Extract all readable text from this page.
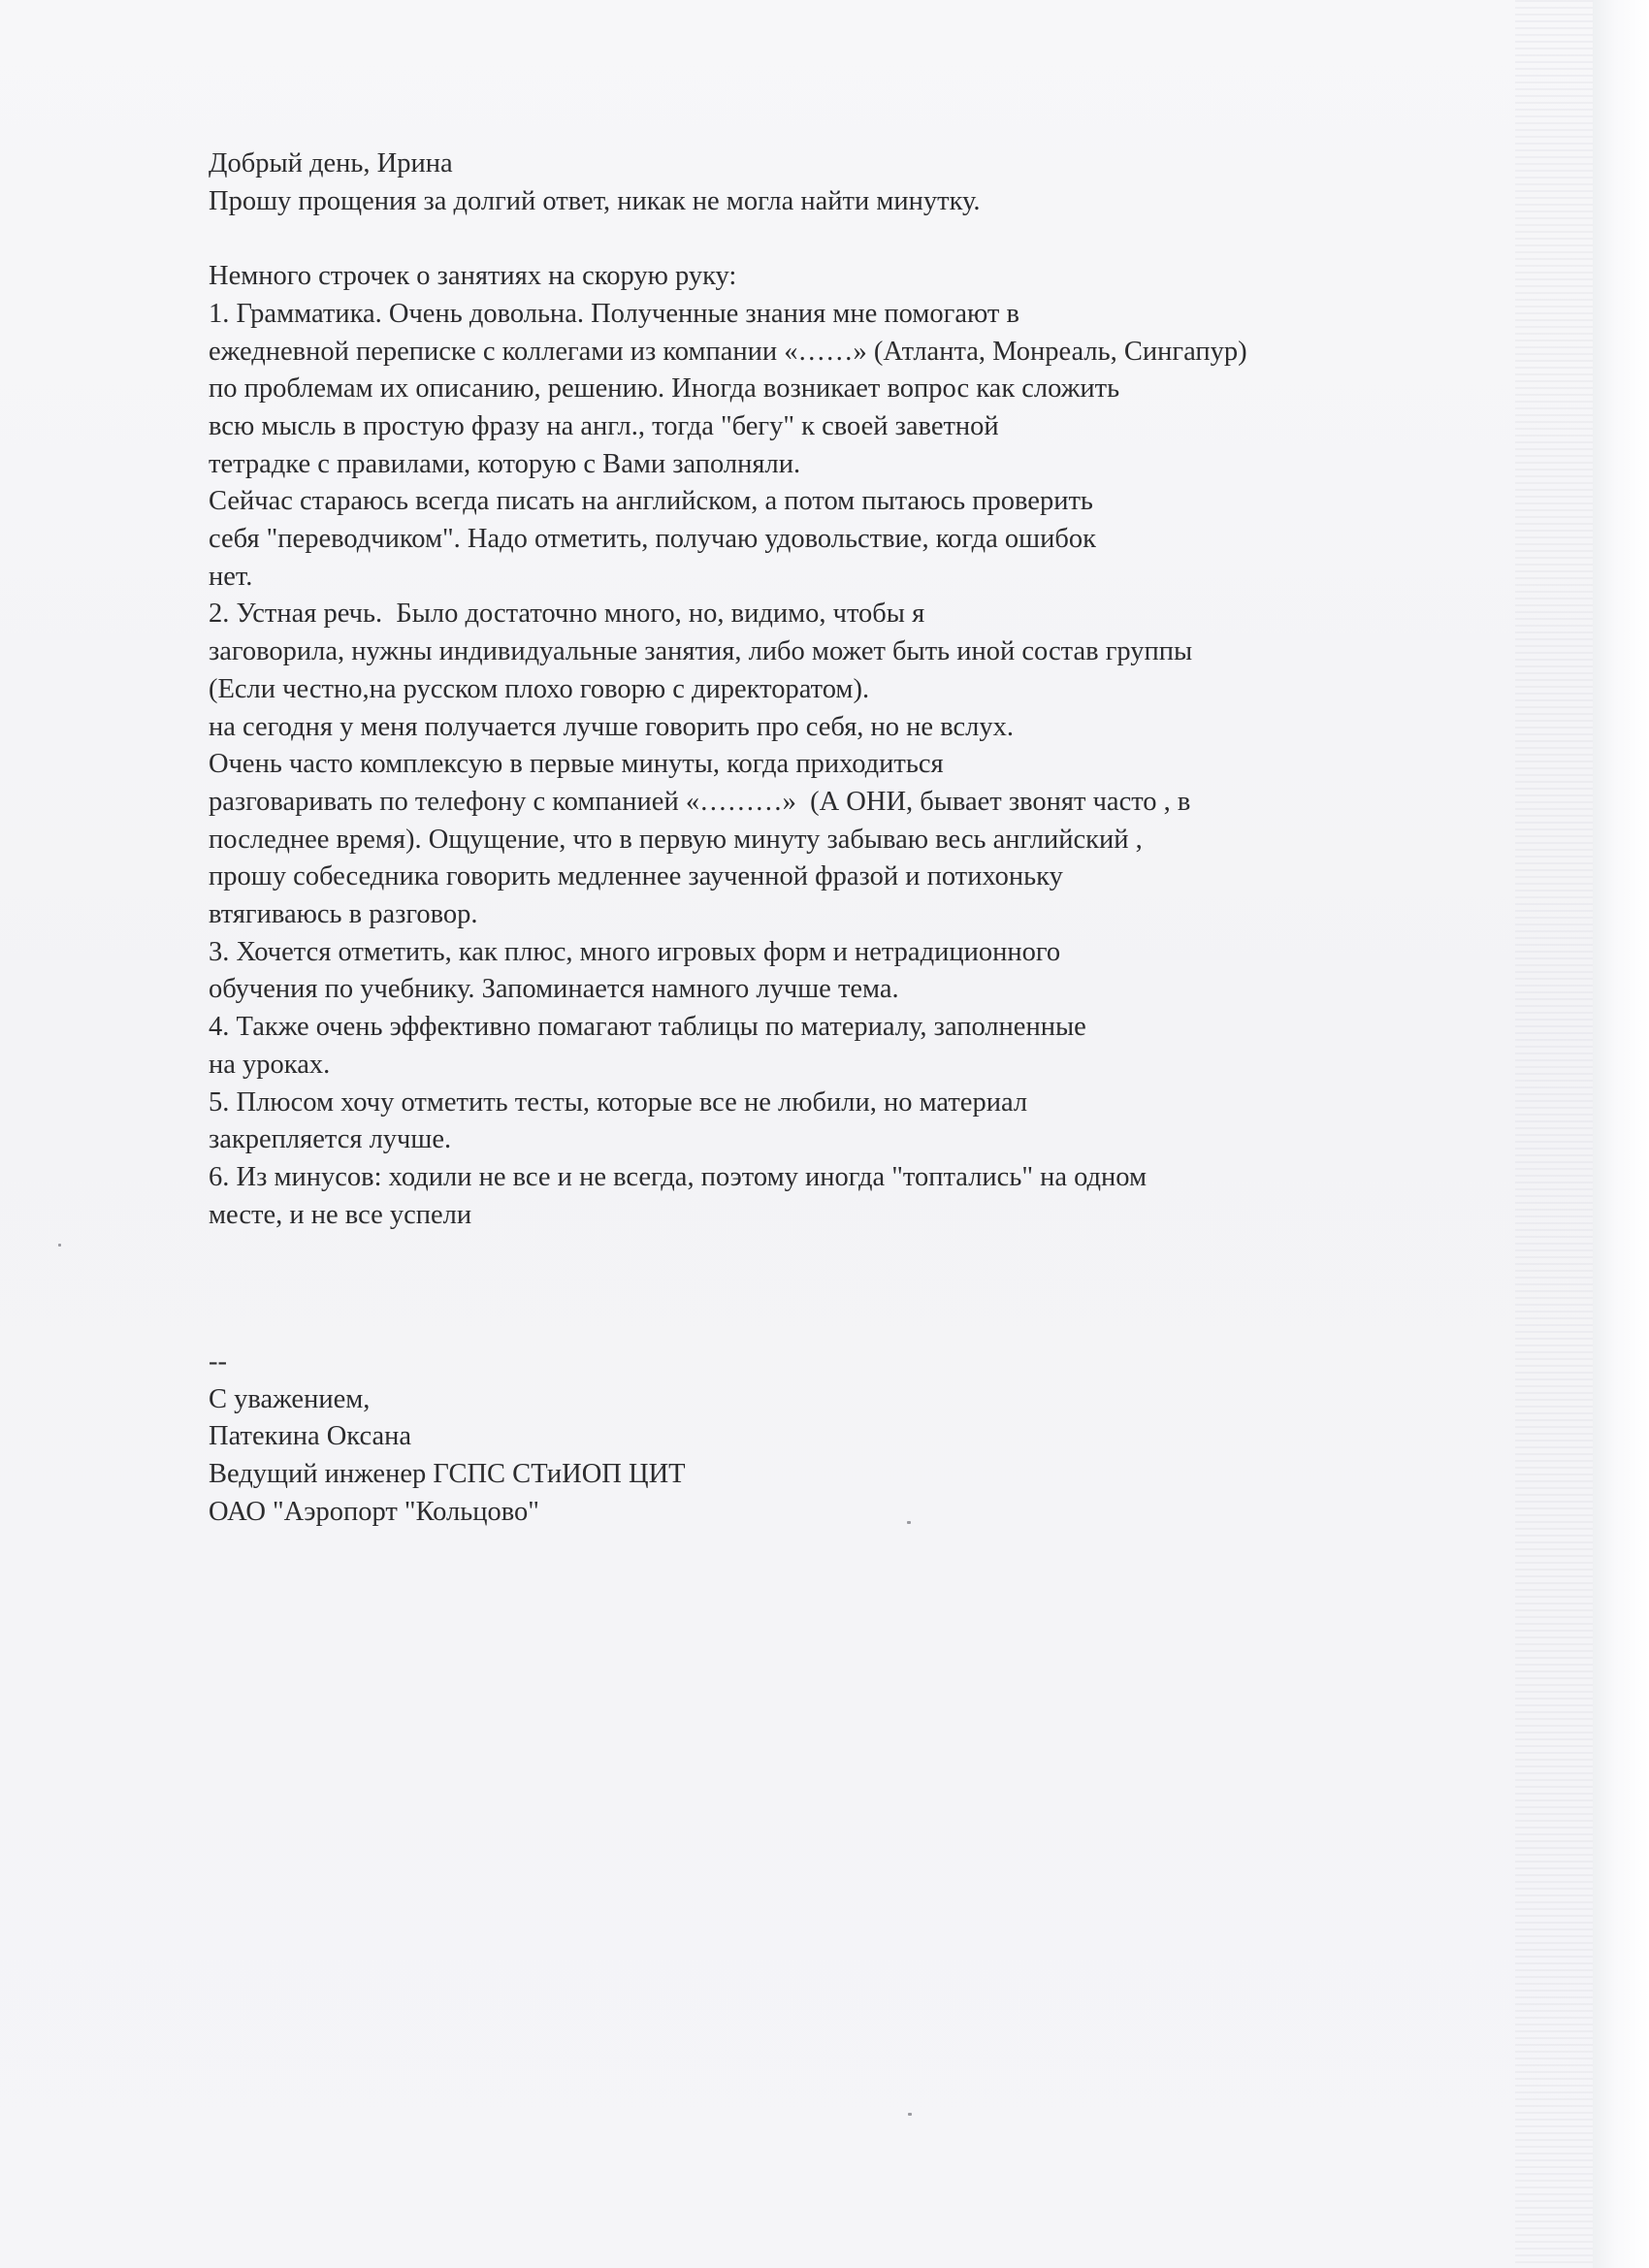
Добрый день, Ирина
Прошу прощения за долгий ответ, никак не могла найти минутку.
Немного строчек о занятиях на скорую руку:
1. Грамматика. Очень довольна. Полученные знания мне помогают в
ежедневной переписке с коллегами из компании «……» (Атланта, Монреаль, Сингапур)
по проблемам их описанию, решению. Иногда возникает вопрос как сложить
всю мысль в простую фразу на англ., тогда "бегу" к своей заветной
тетрадке с правилами, которую с Вами заполняли.
Сейчас стараюсь всегда писать на английском, а потом пытаюсь проверить
себя "переводчиком". Надо отметить, получаю удовольствие, когда ошибок
нет.
2. Устная речь.  Было достаточно много, но, видимо, чтобы я
заговорила, нужны индивидуальные занятия, либо может быть иной состав группы
(Если честно,на русском плохо говорю с директоратом).
на сегодня у меня получается лучше говорить про себя, но не вслух.
Очень часто комплексую в первые минуты, когда приходиться
разговаривать по телефону с компанией «………»  (А ОНИ, бывает звонят часто , в
последнее время). Ощущение, что в первую минуту забываю весь английский ,
прошу собеседника говорить медленнее заученной фразой и потихоньку
втягиваюсь в разговор.
3. Хочется отметить, как плюс, много игровых форм и нетрадиционного
обучения по учебнику. Запоминается намного лучше тема.
4. Также очень эффективно помагают таблицы по материалу, заполненные
на уроках.
5. Плюсом хочу отметить тесты, которые все не любили, но материал
закрепляется лучше.
6. Из минусов: ходили не все и не всегда, поэтому иногда "топтались" на одном
месте, и не все успели
--
С уважением,
Патекина Оксана
Ведущий инженер ГСПС СТиИОП ЦИТ
ОАО "Аэропорт "Кольцово"
